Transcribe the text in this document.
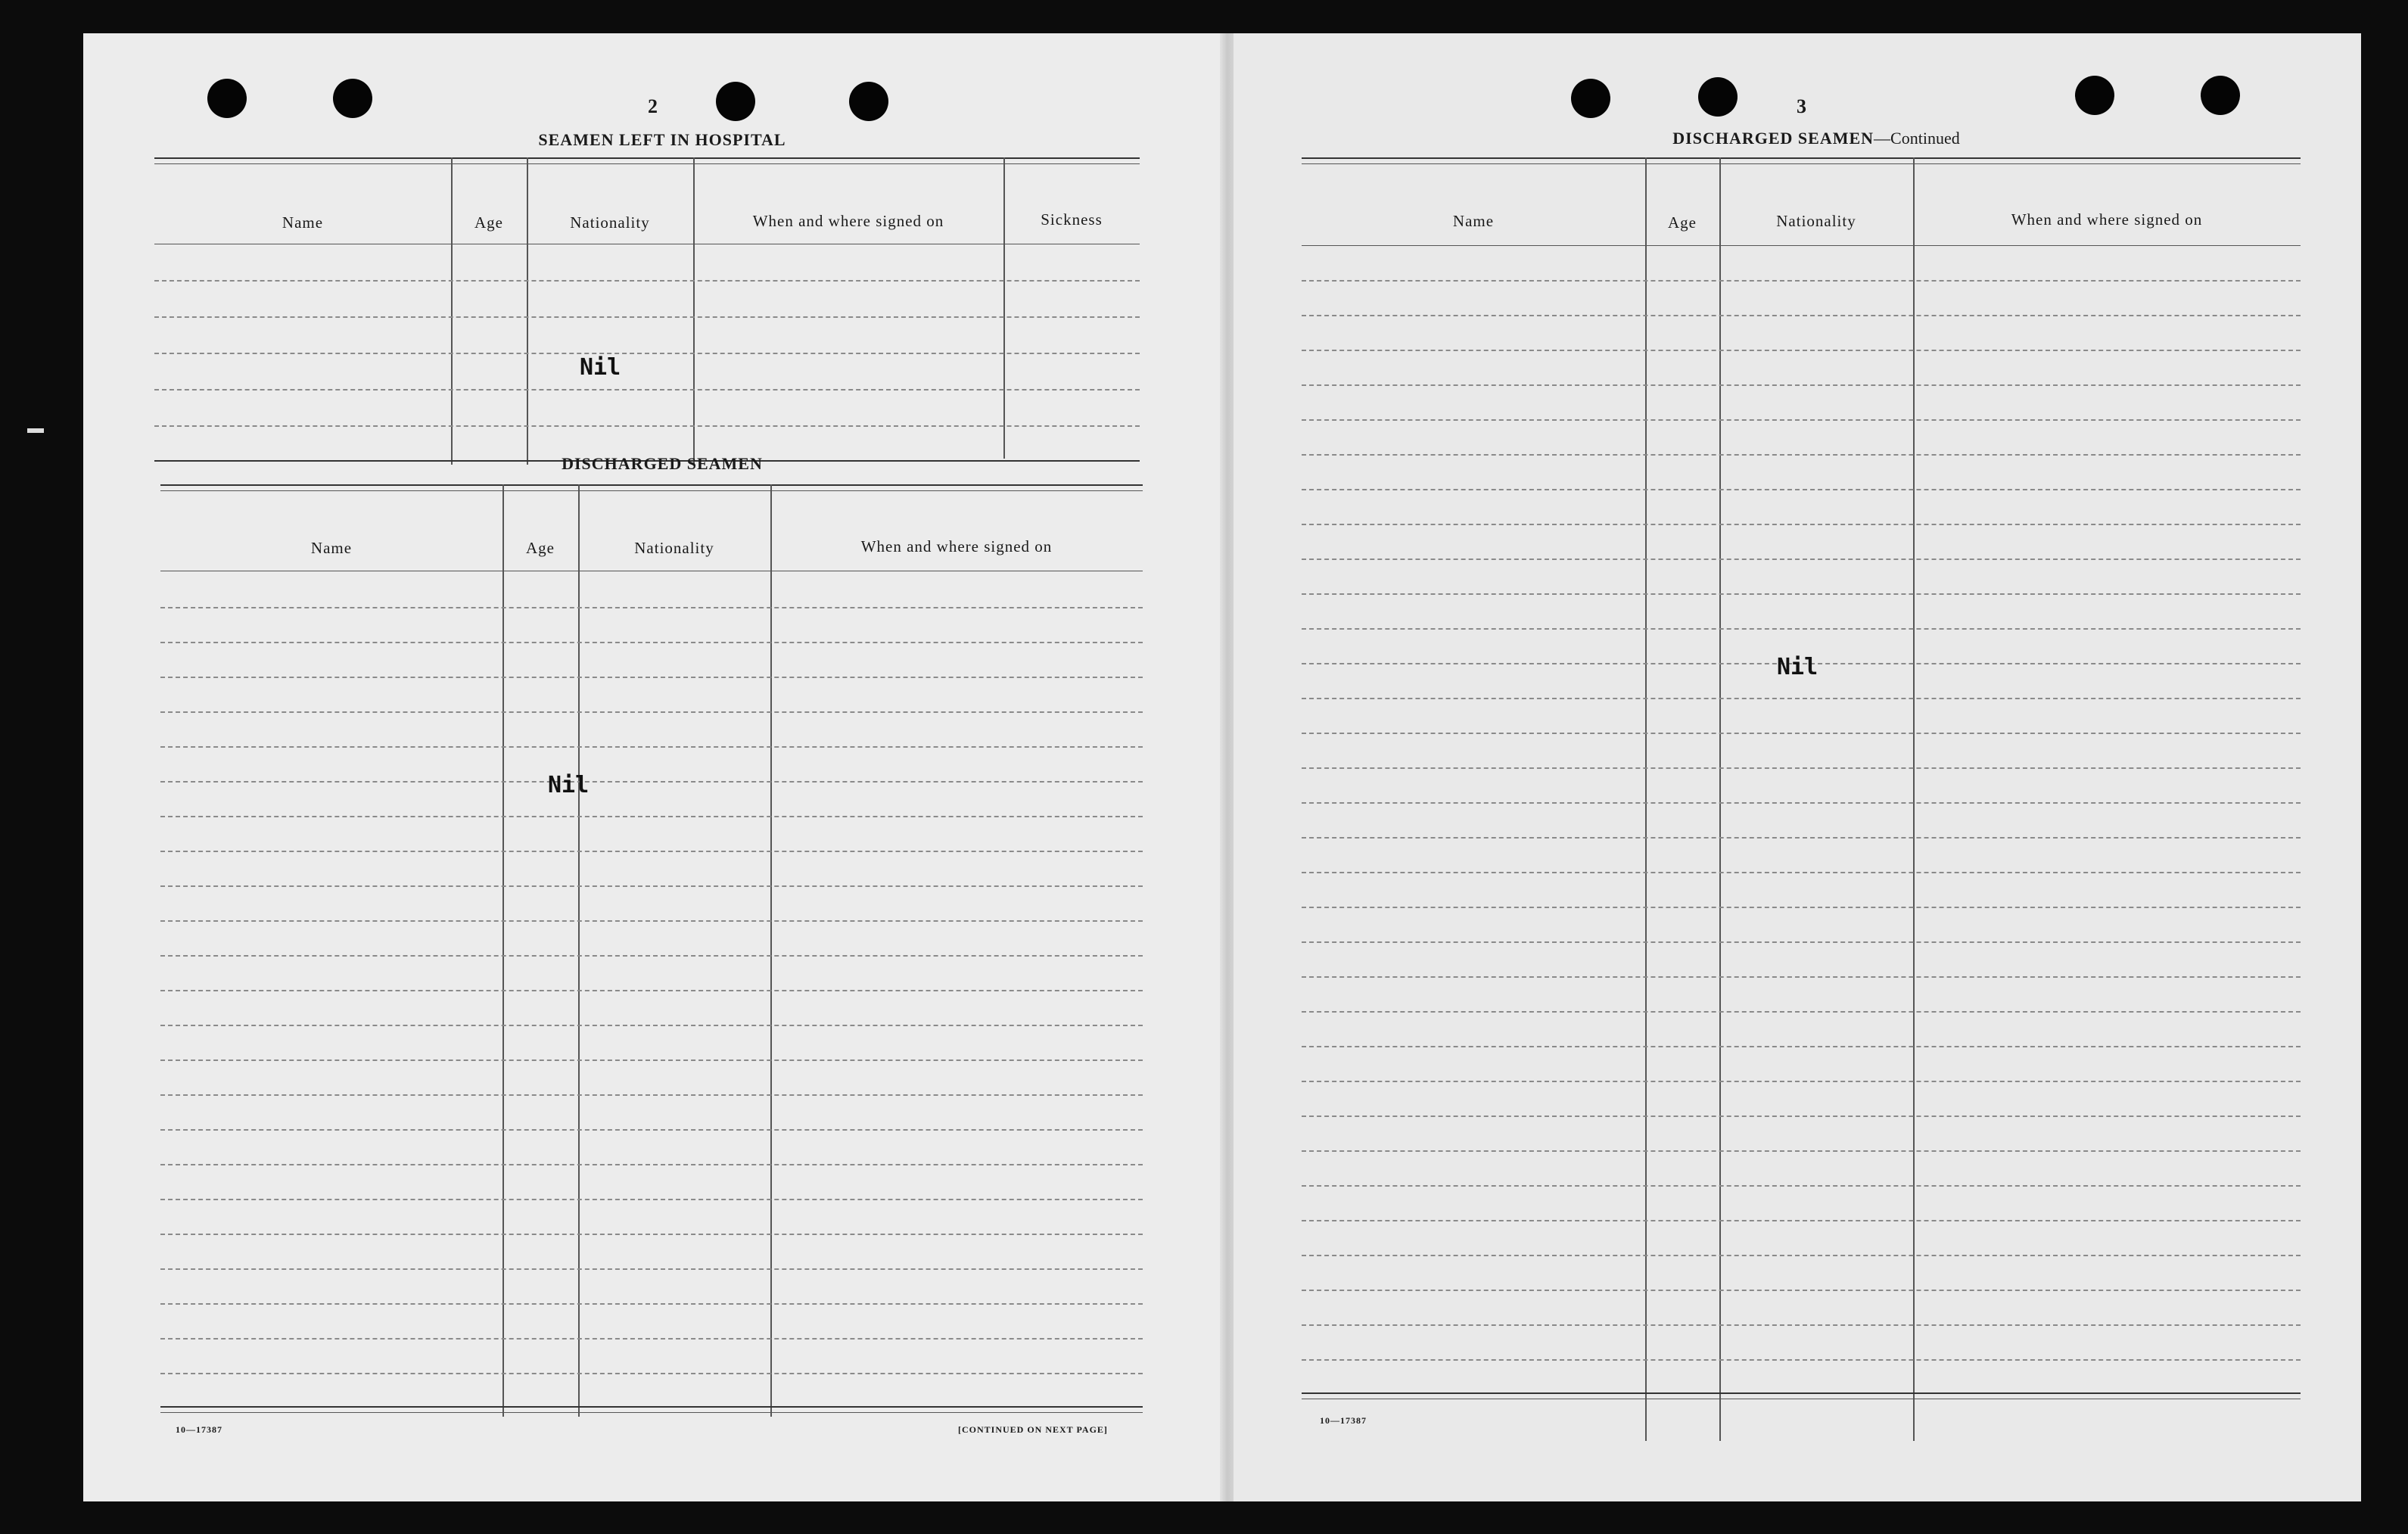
2
SEAMEN LEFT IN HOSPITAL
Name	Age	Nationality	When and where signed on	Sickness
Nil
DISCHARGED SEAMEN
Name	Age	Nationality	When and where signed on
Nil
10—17387	[CONTINUED ON NEXT PAGE]
3
DISCHARGED SEAMEN—Continued
Name	Age	Nationality	When and where signed on
Nil
10—17387
